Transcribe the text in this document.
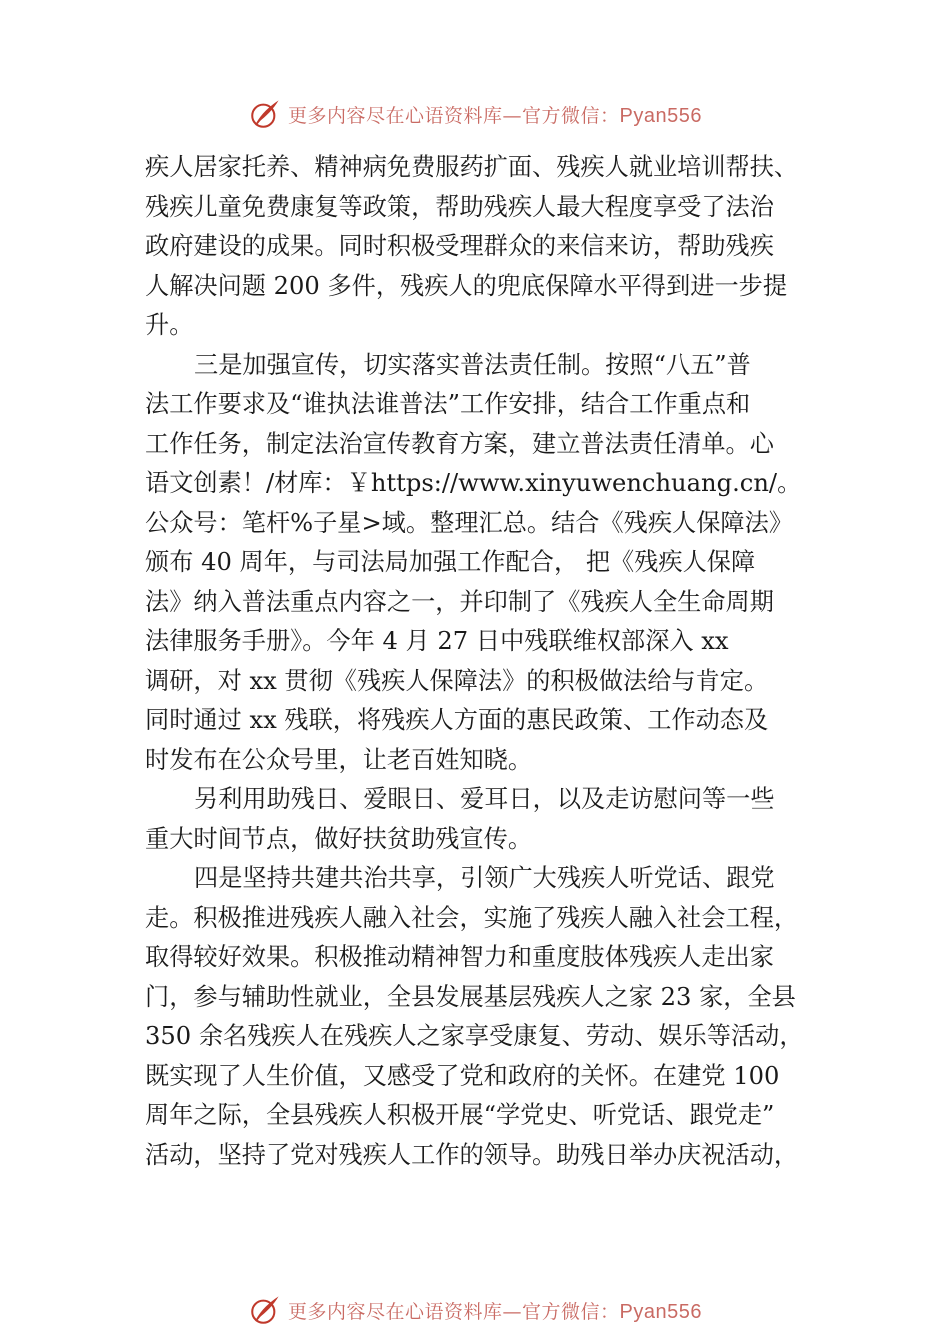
更多内容尽在心语资料库—官方微信：Pyan556
疾人居家托养、精神病免费服药扩面、残疾人就业培训帮扶、
残疾儿童免费康复等政策，帮助残疾人最大程度享受了法治
政府建设的成果。同时积极受理群众的来信来访，帮助残疾
人解决问题 200 多件，残疾人的兜底保障水平得到进一步提
升。
三是加强宣传，切实落实普法责任制。按照“八五”普
法工作要求及“谁执法谁普法”工作安排，结合工作重点和
工作任务，制定法治宣传教育方案，建立普法责任清单。心
语文创素！/材库：￥https://www.xinyuwenchuang.cn/。
公众号：笔杆%子星>域。整理汇总。结合《残疾人保障法》
颁布 40 周年，与司法局加强工作配合， 把《残疾人保障
法》纳入普法重点内容之一，并印制了《残疾人全生命周期
法律服务手册》。今年 4 月 27 日中残联维权部深入 xx
调研，对 xx 贯彻《残疾人保障法》的积极做法给与肯定。
同时通过 xx 残联，将残疾人方面的惠民政策、工作动态及
时发布在公众号里，让老百姓知晓。
另利用助残日、爱眼日、爱耳日，以及走访慰问等一些
重大时间节点，做好扶贫助残宣传。
四是坚持共建共治共享，引领广大残疾人听党话、跟党
走。积极推进残疾人融入社会，实施了残疾人融入社会工程，
取得较好效果。积极推动精神智力和重度肢体残疾人走出家
门，参与辅助性就业，全县发展基层残疾人之家 23 家，全县
350 余名残疾人在残疾人之家享受康复、劳动、娱乐等活动，
既实现了人生价值，又感受了党和政府的关怀。在建党 100
周年之际，全县残疾人积极开展“学党史、听党话、跟党走”
活动，坚持了党对残疾人工作的领导。助残日举办庆祝活动，
更多内容尽在心语资料库—官方微信：Pyan556
